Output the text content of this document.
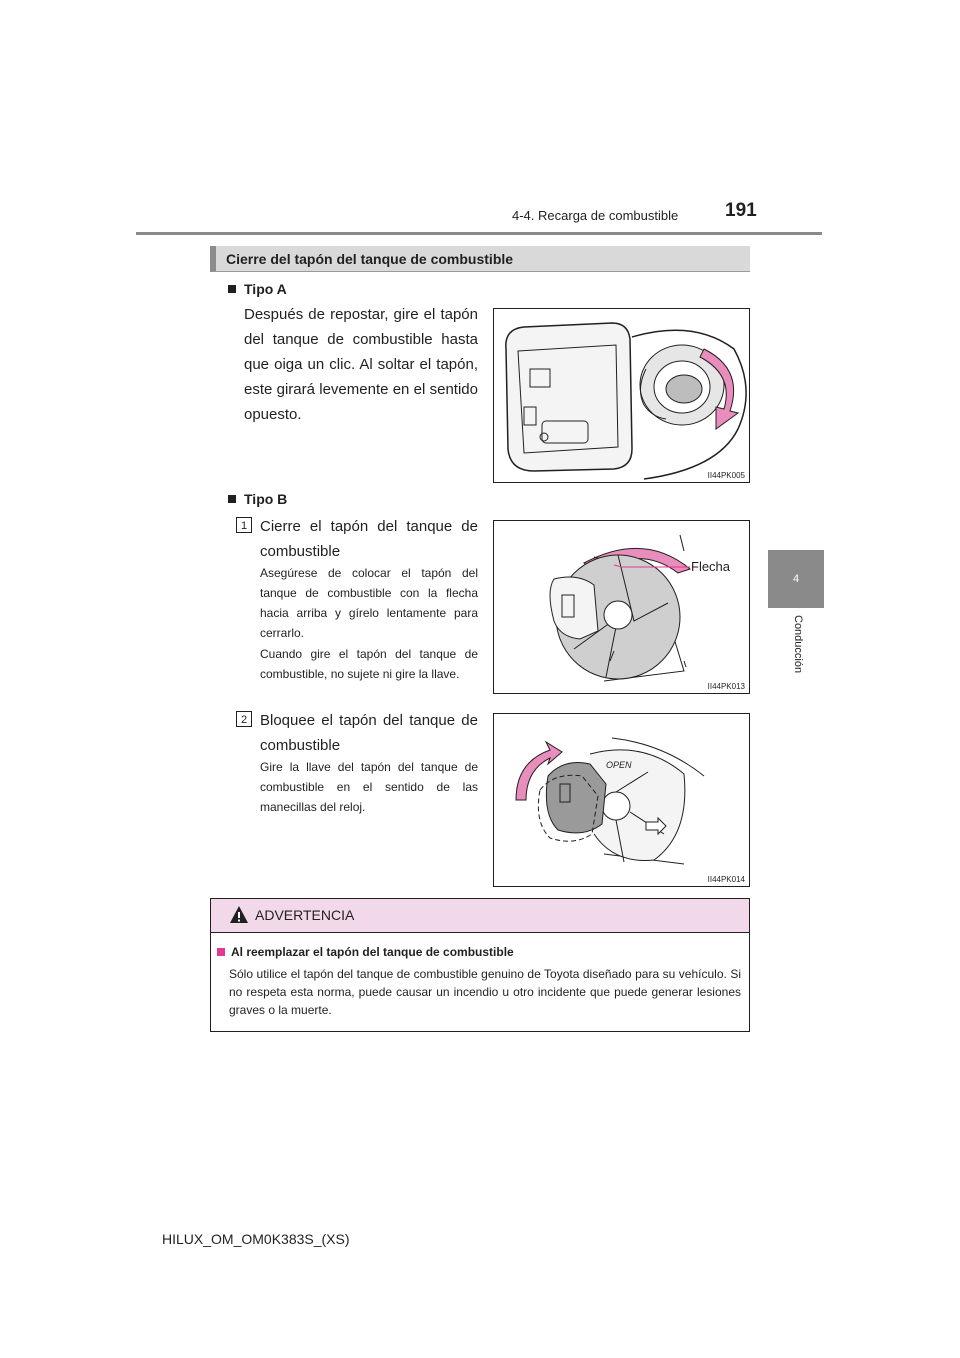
4-4. Recarga de combustible 191
4
Conducción
Cierre del tapón del tanque de combustible
Tipo A
Después de repostar, gire el tapón del tanque de combustible hasta que oiga un clic. Al soltar el tapón, este girará levemente en el sentido opuesto.
II44PK005
Tipo B
1 Cierre el tapón del tanque de combustible
Asegúrese de colocar el tapón del tanque de combustible con la flecha hacia arriba y gírelo lentamente para cerrarlo.
Cuando gire el tapón del tanque de combustible, no sujete ni gire la llave.
Flecha
II44PK013
2 Bloquee el tapón del tanque de combustible
Gire la llave del tapón del tanque de combustible en el sentido de las manecillas del reloj.
OPEN
II44PK014
ADVERTENCIA
Al reemplazar el tapón del tanque de combustible
Sólo utilice el tapón del tanque de combustible genuino de Toyota diseñado para su vehículo. Si no respeta esta norma, puede causar un incendio u otro incidente que puede generar lesiones graves o la muerte.
HILUX_OM_OM0K383S_(XS)
